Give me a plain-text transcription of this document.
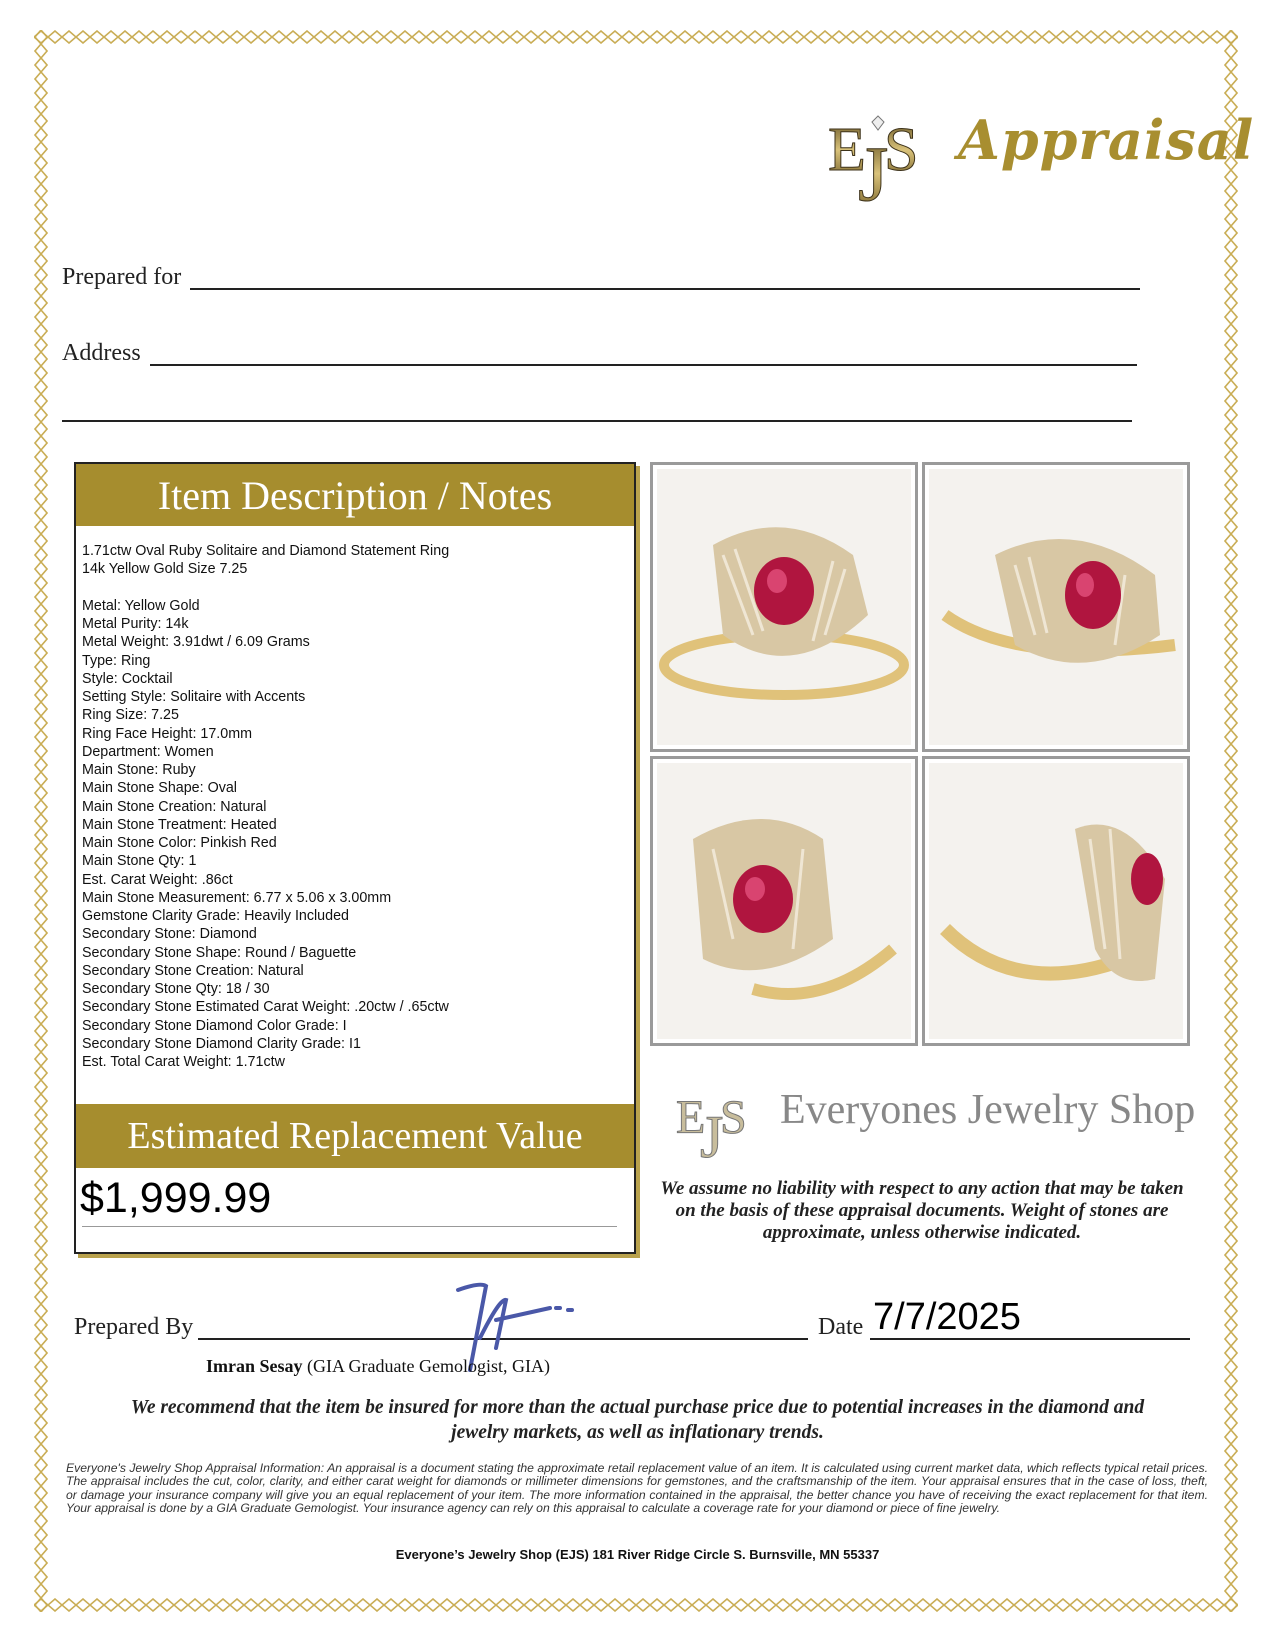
E
J
S Appraisal
Prepared for
Address
Item Description / Notes
1.71ctw Oval Ruby Solitaire and Diamond Statement Ring
14k Yellow Gold Size 7.25

Metal: Yellow Gold
Metal Purity: 14k
Metal Weight: 3.91dwt / 6.09 Grams
Type: Ring
Style: Cocktail
Setting Style: Solitaire with Accents
Ring Size: 7.25
Ring Face Height: 17.0mm
Department: Women
Main Stone: Ruby
Main Stone Shape: Oval
Main Stone Creation: Natural
Main Stone Treatment: Heated
Main Stone Color: Pinkish Red
Main Stone Qty: 1
Est. Carat Weight: .86ct
Main Stone Measurement: 6.77 x 5.06 x 3.00mm
Gemstone Clarity Grade: Heavily Included
Secondary Stone: Diamond
Secondary Stone Shape: Round / Baguette
Secondary Stone Creation: Natural
Secondary Stone Qty: 18 / 30
Secondary Stone Estimated Carat Weight: .20ctw / .65ctw
Secondary Stone Diamond Color Grade: I
Secondary Stone Diamond Clarity Grade: I1
Est. Total Carat Weight: 1.71ctw
Estimated Replacement Value
$1,999.99
E
J
S Everyones Jewelry Shop
We assume no liability with respect to any action that may be taken on the basis of these appraisal documents. Weight of stones are approximate, unless otherwise indicated.
Prepared By	Date 7/7/2025
Imran Sesay (GIA Graduate Gemologist, GIA)
We recommend that the item be insured for more than the actual purchase price due to potential increases in the diamond and jewelry markets, as well as inflationary trends.
Everyone's Jewelry Shop Appraisal Information: An appraisal is a document stating the approximate retail replacement value of an item. It is calculated using current market data, which reflects typical retail prices. The appraisal includes the cut, color, clarity, and either carat weight for diamonds or millimeter dimensions for gemstones, and the craftsmanship of the item. Your appraisal ensures that in the case of loss, theft, or damage your insurance company will give you an equal replacement of your item. The more information contained in the appraisal, the better chance you have of receiving the exact replacement for that item. Your appraisal is done by a GIA Graduate Gemologist. Your insurance agency can rely on this appraisal to calculate a coverage rate for your diamond or piece of fine jewelry.
Everyone’s Jewelry Shop (EJS) 181 River Ridge Circle S. Burnsville, MN 55337
